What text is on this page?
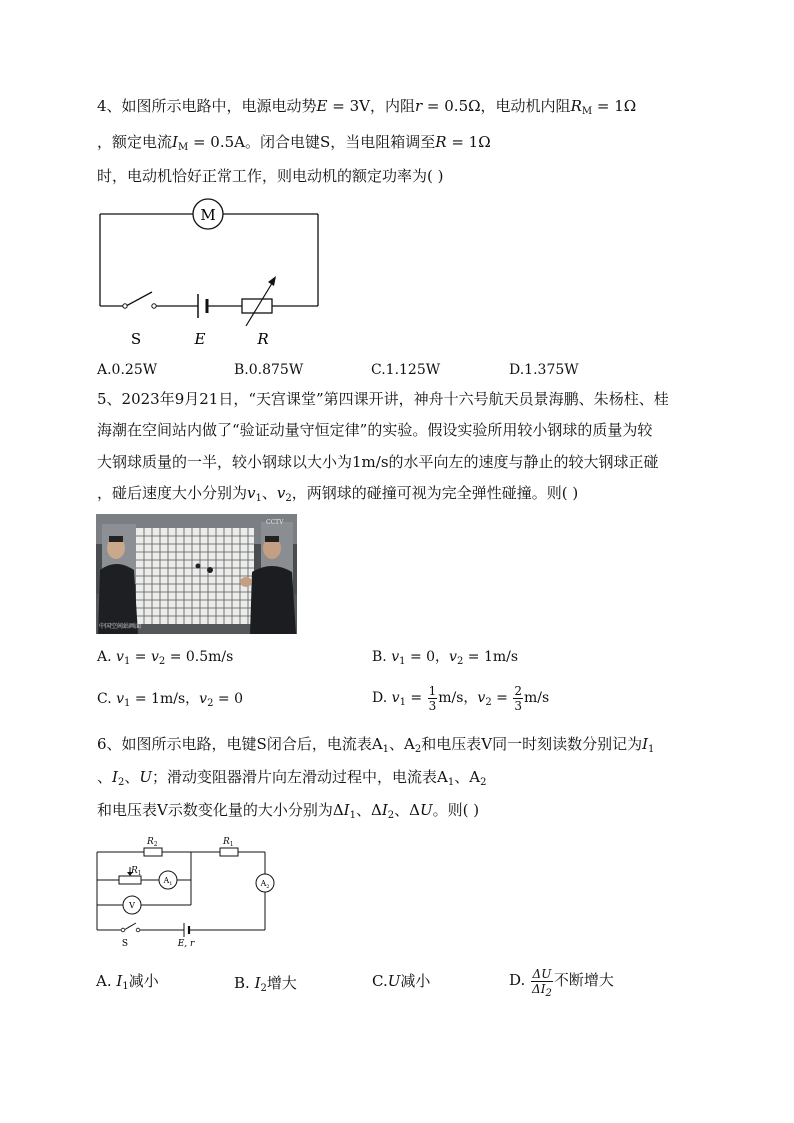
4、如图所示电路中，电源电动势E = 3V，内阻r = 0.5Ω，电动机内阻$R_M = 1\Omega$
，额定电流$I_M = 0.5A$。闭合电键S，当电阻箱调至R = 1Ω
时，电动机恰好正常工作，则电动机的额定功率为( )
M
S	E	R
A.0.25W	B.0.875W	C.1.125W	D.1.375W
5、2023年9月21日，“天宫课堂”第四课开讲，神舟十六号航天员景海鹏、朱杨柱、桂
海潮在空间站内做了“验证动量守恒定律”的实验。假设实验所用较小钢球的质量为较
大钢球质量的一半，较小钢球以大小为1m/s的水平向左的速度与静止的较大钢球正碰
，碰后速度大小分别为$v_1$、$v_2$，两钢球的碰撞可视为完全弹性碰撞。则( )
CCTV
中国空间站画面
A. $v_1 = v_2 = 0.5m/s$	B. $v_1 = 0$，$v_2 = 1m/s$
C. $v_1 = 1m/s$，$v_2 = 0$	D. $v_1 = \frac{1}{3} m/s$，$v_2 = \frac{2}{3} m/s$
6、如图所示电路，电键S闭合后，电流表$A_1$、$A_2$和电压表V同一时刻读数分别记为$I_1$
、$I_2$、U；滑动变阻器滑片向左滑动过程中，电流表$A_1$、$A_2$
和电压表V示数变化量的大小分别为$\Delta I_1$、$\Delta I_2$、ΔU。则( )
$R_2$	$R_1$
$R_1$
$A_1$	$A_2$
V
S	E, r
A. $I_1$减小	B. $I_2$增大	C.U减小	D. $\frac{\Delta U}{\Delta I_2}$ 不断增大
